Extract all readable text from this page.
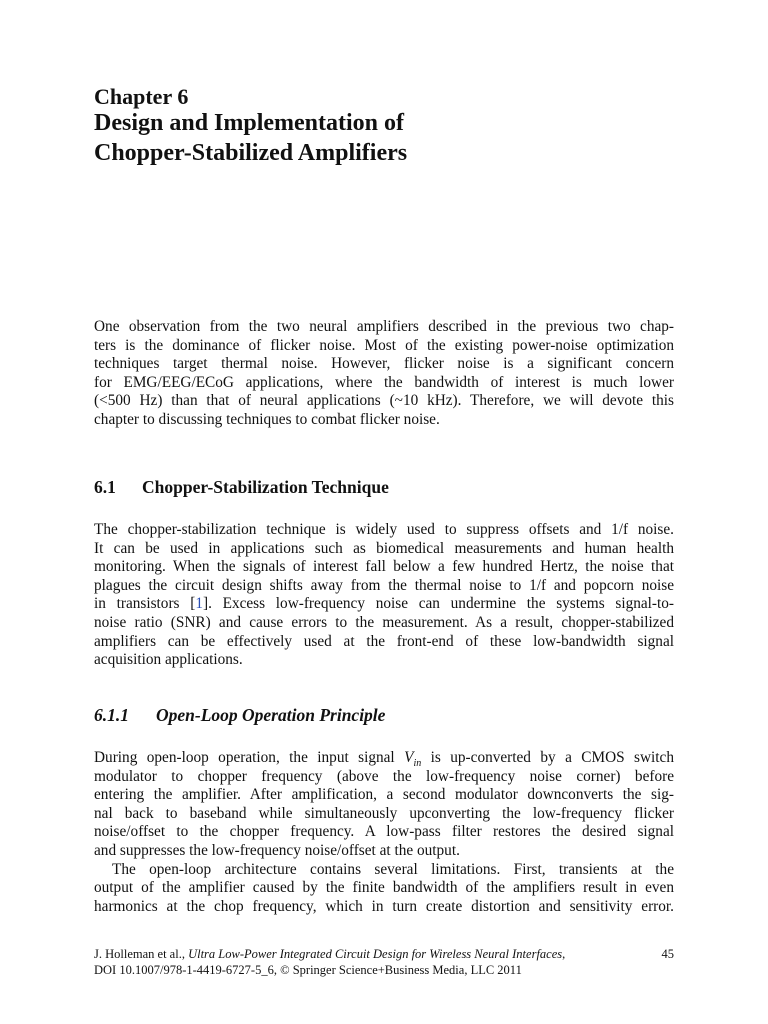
Chapter 6
Design and Implementation of
Chopper-Stabilized Amplifiers
One observation from the two neural amplifiers described in the previous two chap-
ters is the dominance of flicker noise. Most of the existing power-noise optimization
techniques target thermal noise. However, flicker noise is a significant concern
for EMG/EEG/ECoG applications, where the bandwidth of interest is much lower
(<500 Hz) than that of neural applications (~10 kHz). Therefore, we will devote this
chapter to discussing techniques to combat flicker noise.
6.1 Chopper-Stabilization Technique
The chopper-stabilization technique is widely used to suppress offsets and 1/f noise.
It can be used in applications such as biomedical measurements and human health
monitoring. When the signals of interest fall below a few hundred Hertz, the noise that
plagues the circuit design shifts away from the thermal noise to 1/f and popcorn noise
in transistors [1]. Excess low-frequency noise can undermine the systems signal-to-
noise ratio (SNR) and cause errors to the measurement. As a result, chopper-stabilized
amplifiers can be effectively used at the front-end of these low-bandwidth signal
acquisition applications.
6.1.1 Open-Loop Operation Principle
During open-loop operation, the input signal $V_{in}$ is up-converted by a CMOS switch
modulator to chopper frequency (above the low-frequency noise corner) before
entering the amplifier. After amplification, a second modulator downconverts the sig-
nal back to baseband while simultaneously upconverting the low-frequency flicker
noise/offset to the chopper frequency. A low-pass filter restores the desired signal
and suppresses the low-frequency noise/offset at the output.
The open-loop architecture contains several limitations. First, transients at the
output of the amplifier caused by the finite bandwidth of the amplifiers result in even
harmonics at the chop frequency, which in turn create distortion and sensitivity error.
J. Holleman et al., Ultra Low-Power Integrated Circuit Design for Wireless Neural Interfaces,	45
DOI 10.1007/978-1-4419-6727-5_6, © Springer Science+Business Media, LLC 2011
